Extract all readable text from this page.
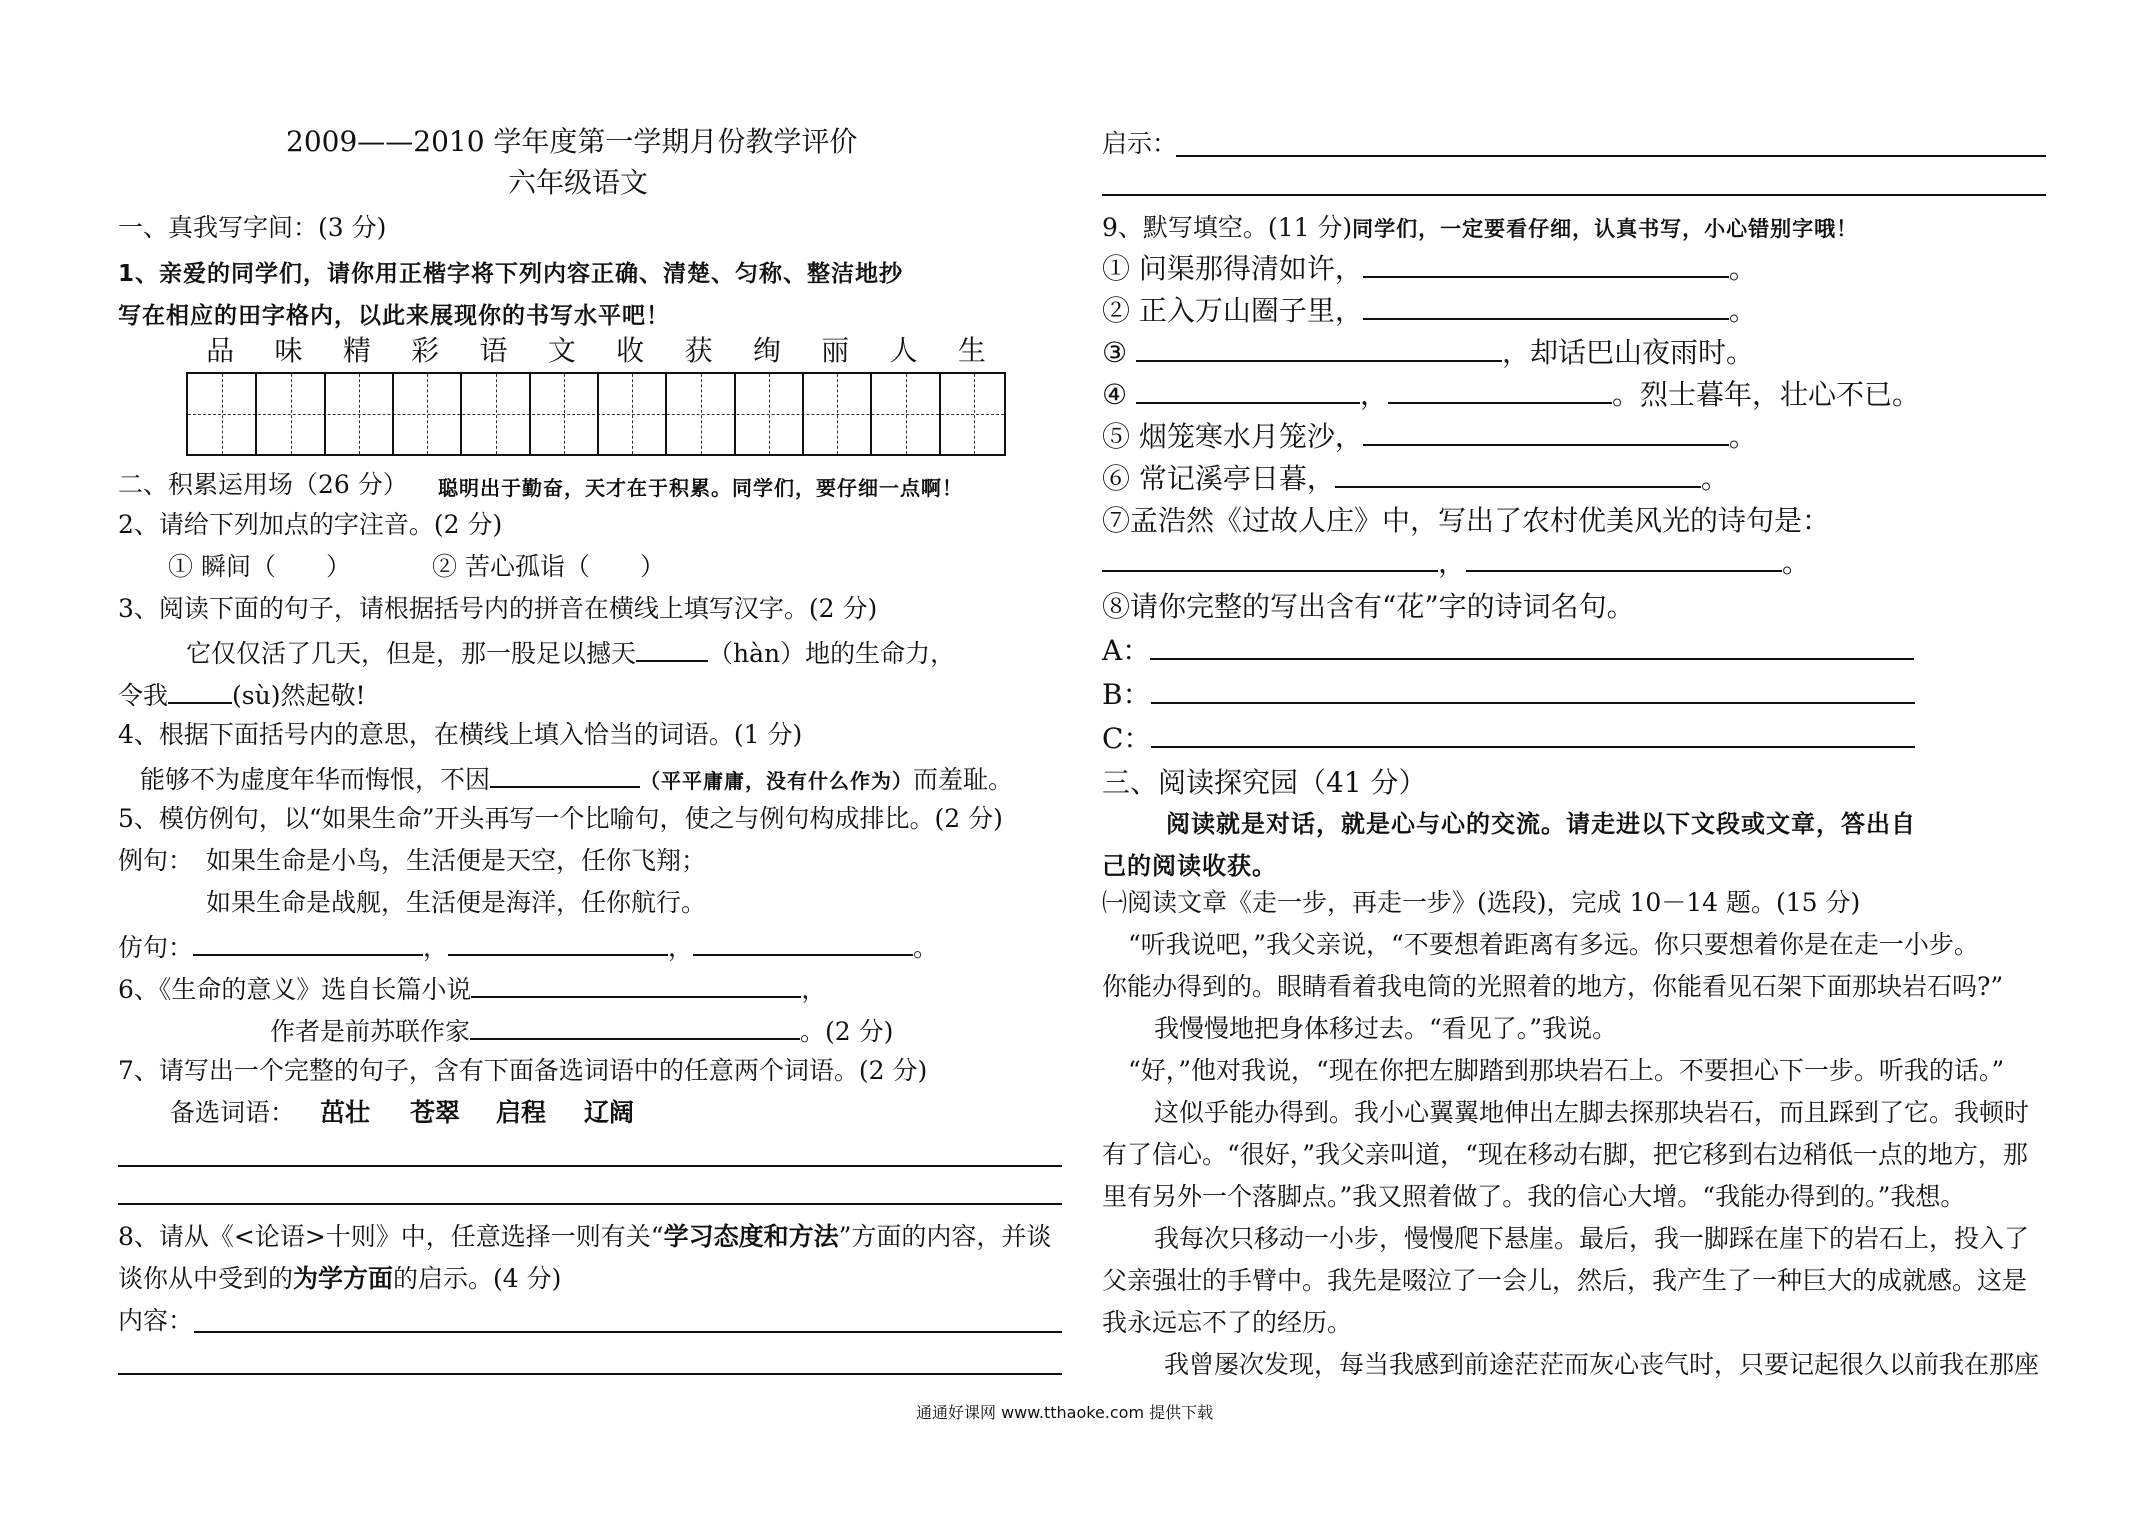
2009——2010 学年度第一学期月份教学评价
六年级语文
一、真我写字间：(3 分)
1、亲爱的同学们，请你用正楷字将下列内容正确、清楚、匀称、整洁地抄
写在相应的田字格内，以此来展现你的书写水平吧！
品 味 精 彩 语 文 收 获 绚 丽 人 生
二、积累运用场（26 分） 聪明出于勤奋，天才在于积累。同学们，要仔细一点啊！
2、请给下列加点的字注音。(2 分)
① 瞬间（　　）	② 苦心孤诣（　　）
3、阅读下面的句子，请根据括号内的拼音在横线上填写汉字。(2 分)
它仅仅活了几天，但是，那一股足以撼天	（hàn）地的生命力，
令我	(sù)然起敬!
4、根据下面括号内的意思，在横线上填入恰当的词语。(1 分)
能够不为虚度年华而悔恨，不因	（平平庸庸，没有什么作为）而羞耻。
5、模仿例句，以“如果生命”开头再写一个比喻句，使之与例句构成排比。(2 分)
例句： 如果生命是小鸟，生活便是天空，任你飞翔；
如果生命是战舰，生活便是海洋，任你航行。
仿句：	，	，	。
6、《生命的意义》选自长篇小说	，
作者是前苏联作家	。(2 分)
7、请写出一个完整的句子，含有下面备选词语中的任意两个词语。(2 分)
备选词语： 茁壮 苍翠 启程 辽阔
8、请从《<论语>十则》中，任意选择一则有关“学习态度和方法”方面的内容，并谈
谈你从中受到的为学方面的启示。(4 分)
内容：
启示：
9、默写填空。(11 分)同学们，一定要看仔细，认真书写，小心错别字哦！
① 问渠那得清如许，	。
② 正入万山圈子里，	。
③	，却话巴山夜雨时。
④	，	。烈士暮年，壮心不已。
⑤ 烟笼寒水月笼沙，	。
⑥ 常记溪亭日暮，	。
⑦孟浩然《过故人庄》中，写出了农村优美风光的诗句是：
，	。
⑧请你完整的写出含有“花”字的诗词名句。
A：
B：
C：
三、阅读探究园（41 分）
阅读就是对话，就是心与心的交流。请走进以下文段或文章，答出自
己的阅读收获。
㈠阅读文章《走一步，再走一步》(选段)，完成 10－14 题。(15 分)
“听我说吧，”我父亲说，“不要想着距离有多远。你只要想着你是在走一小步。
你能办得到的。眼睛看着我电筒的光照着的地方，你能看见石架下面那块岩石吗?”
我慢慢地把身体移过去。“看见了。”我说。
“好，”他对我说，“现在你把左脚踏到那块岩石上。不要担心下一步。听我的话。”
这似乎能办得到。我小心翼翼地伸出左脚去探那块岩石，而且踩到了它。我顿时
有了信心。“很好，”我父亲叫道，“现在移动右脚，把它移到右边稍低一点的地方，那
里有另外一个落脚点。”我又照着做了。我的信心大增。“我能办得到的。”我想。
我每次只移动一小步，慢慢爬下悬崖。最后，我一脚踩在崖下的岩石上，投入了
父亲强壮的手臂中。我先是啜泣了一会儿，然后，我产生了一种巨大的成就感。这是
我永远忘不了的经历。
我曾屡次发现，每当我感到前途茫茫而灰心丧气时，只要记起很久以前我在那座
通通好课网 www.tthaoke.com 提供下载
